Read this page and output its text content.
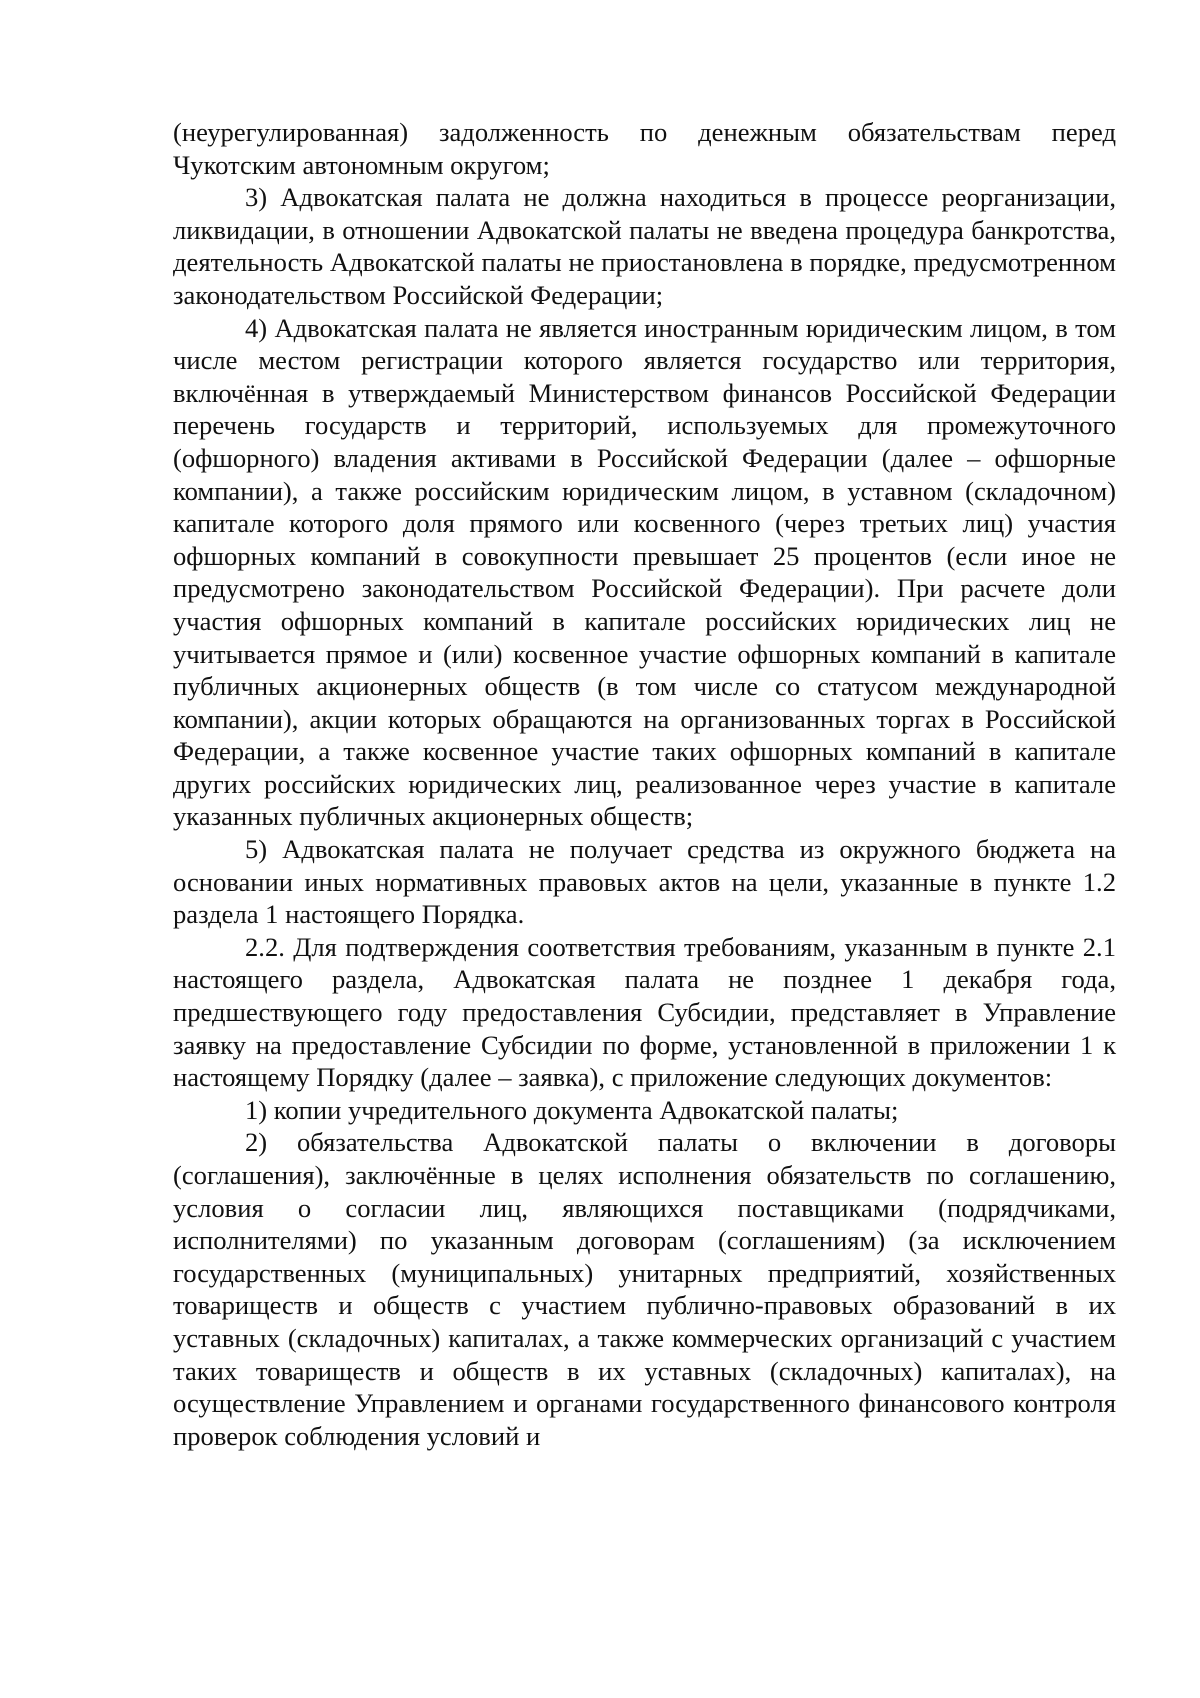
(неурегулированная) задолженность по денежным обязательствам перед Чукотским автономным округом;

3) Адвокатская палата не должна находиться в процессе реорганизации, ликвидации, в отношении Адвокатской палаты не введена процедура банкротства, деятельность Адвокатской палаты не приостановлена в порядке, предусмотренном законодательством Российской Федерации;

4) Адвокатская палата не является иностранным юридическим лицом, в том числе местом регистрации которого является государство или территория, включённая в утверждаемый Министерством финансов Российской Федерации перечень государств и территорий, используемых для промежуточного (офшорного) владения активами в Российской Федерации (далее – офшорные компании), а также российским юридическим лицом, в уставном (складочном) капитале которого доля прямого или косвенного (через третьих лиц) участия офшорных компаний в совокупности превышает 25 процентов (если иное не предусмотрено законодательством Российской Федерации). При расчете доли участия офшорных компаний в капитале российских юридических лиц не учитывается прямое и (или) косвенное участие офшорных компаний в капитале публичных акционерных обществ (в том числе со статусом международной компании), акции которых обращаются на организованных торгах в Российской Федерации, а также косвенное участие таких офшорных компаний в капитале других российских юридических лиц, реализованное через участие в капитале указанных публичных акционерных обществ;

5) Адвокатская палата не получает средства из окружного бюджета на основании иных нормативных правовых актов на цели, указанные в пункте 1.2 раздела 1 настоящего Порядка.

2.2. Для подтверждения соответствия требованиям, указанным в пункте 2.1 настоящего раздела, Адвокатская палата не позднее 1 декабря года, предшествующего году предоставления Субсидии, представляет в Управление заявку на предоставление Субсидии по форме, установленной в приложении 1 к настоящему Порядку (далее – заявка), с приложение следующих документов:

1) копии учредительного документа Адвокатской палаты;

2) обязательства Адвокатской палаты о включении в договоры (соглашения), заключённые в целях исполнения обязательств по соглашению, условия о согласии лиц, являющихся поставщиками (подрядчиками, исполнителями) по указанным договорам (соглашениям) (за исключением государственных (муниципальных) унитарных предприятий, хозяйственных товариществ и обществ с участием публично-правовых образований в их уставных (складочных) капиталах, а также коммерческих организаций с участием таких товариществ и обществ в их уставных (складочных) капиталах), на осуществление Управлением и органами государственного финансового контроля проверок соблюдения условий и
